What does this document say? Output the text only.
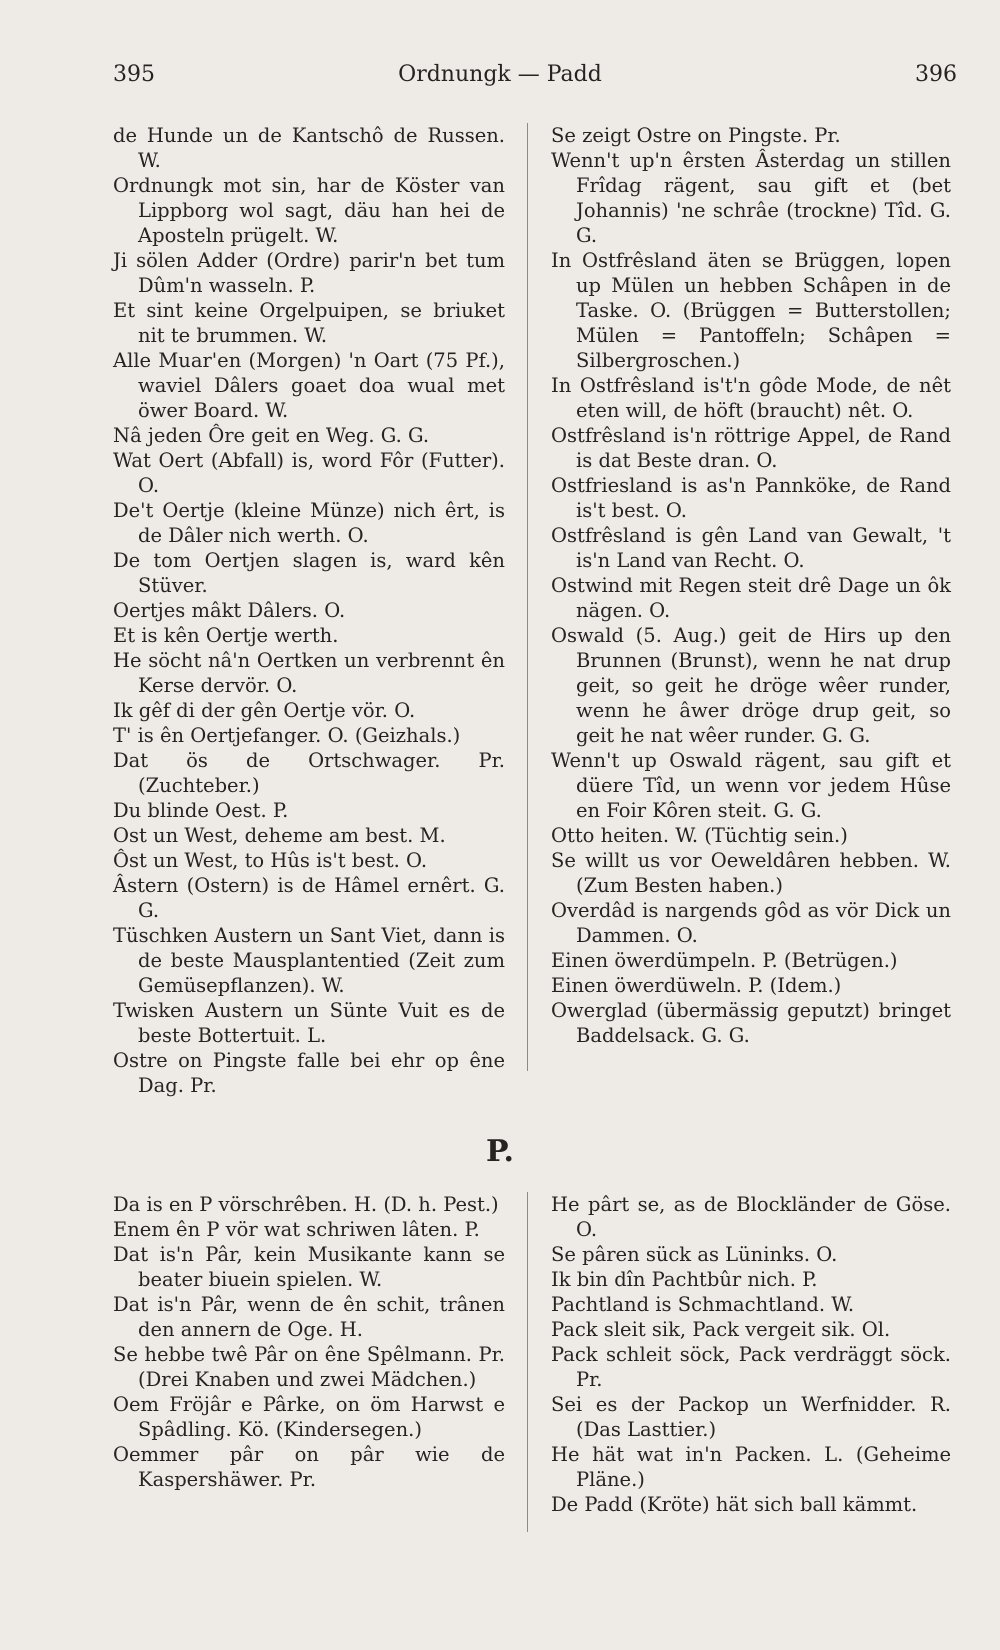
395	Ordnungk — Padd	396
de Hunde un de Kantschô de Russen. W.
Ordnungk mot sin, har de Köster van Lippborg wol sagt, däu han hei de Aposteln prügelt. W.
Ji sölen Adder (Ordre) parir'n bet tum Dûm'n wasseln. P.
Et sint keine Orgelpuipen, se briuket nit te brummen. W.
Alle Muar'en (Morgen) 'n Oart (75 Pf.), waviel Dâlers goaet doa wual met öwer Board. W.
Nâ jeden Ôre geit en Weg. G. G.
Wat Oert (Abfall) is, word Fôr (Futter). O.
De't Oertje (kleine Münze) nich êrt, is de Dâler nich werth. O.
De tom Oertjen slagen is, ward kên Stüver.
Oertjes mâkt Dâlers. O.
Et is kên Oertje werth.
He söcht nâ'n Oertken un verbrennt ên Kerse dervör. O.
Ik gêf di der gên Oertje vör. O.
T' is ên Oertjefanger. O. (Geizhals.)
Dat ös de Ortschwager. Pr. (Zuchteber.)
Du blinde Oest. P.
Ost un West, deheme am best. M.
Ôst un West, to Hûs is't best. O.
Âstern (Ostern) is de Hâmel ernêrt. G. G.
Tüschken Austern un Sant Viet, dann is de beste Mausplantentied (Zeit zum Gemüsepflanzen). W.
Twisken Austern un Sünte Vuit es de beste Bottertuit. L.
Ostre on Pingste falle bei ehr op êne Dag. Pr.
Se zeigt Ostre on Pingste. Pr.
Wenn't up'n êrsten Âsterdag un stillen Frîdag rägent, sau gift et (bet Johannis) 'ne schrâe (trockne) Tîd. G. G.
In Ostfrêsland äten se Brüggen, lopen up Mülen un hebben Schâpen in de Taske. O. (Brüggen = Butterstollen; Mülen = Pantoffeln; Schâpen = Silbergroschen.)
In Ostfrêsland is't'n gôde Mode, de nêt eten will, de höft (braucht) nêt. O.
Ostfrêsland is'n röttrige Appel, de Rand is dat Beste dran. O.
Ostfriesland is as'n Pannköke, de Rand is't best. O.
Ostfrêsland is gên Land van Gewalt, 't is'n Land van Recht. O.
Ostwind mit Regen steit drê Dage un ôk nägen. O.
Oswald (5. Aug.) geit de Hirs up den Brunnen (Brunst), wenn he nat drup geit, so geit he dröge wêer runder, wenn he âwer dröge drup geit, so geit he nat wêer runder. G. G.
Wenn't up Oswald rägent, sau gift et düere Tîd, un wenn vor jedem Hûse en Foir Kôren steit. G. G.
Otto heiten. W. (Tüchtig sein.)
Se willt us vor Oeweldâren hebben. W. (Zum Besten haben.)
Overdâd is nargends gôd as vör Dick un Dammen. O.
Einen öwerdümpeln. P. (Betrügen.)
Einen öwerdüweln. P. (Idem.)
Owerglad (übermässig geputzt) bringet Baddelsack. G. G.
P.
Da is en P vörschrêben. H. (D. h. Pest.)
Enem ên P vör wat schriwen lâten. P.
Dat is'n Pâr, kein Musikante kann se beater biuein spielen. W.
Dat is'n Pâr, wenn de ên schit, trânen den annern de Oge. H.
Se hebbe twê Pâr on êne Spêlmann. Pr. (Drei Knaben und zwei Mädchen.)
Oem Fröjâr e Pârke, on öm Harwst e Spâdling. Kö. (Kindersegen.)
Oemmer pâr on pâr wie de Kaspershäwer. Pr.
He pârt se, as de Blockländer de Göse. O.
Se pâren sück as Lüninks. O.
Ik bin dîn Pachtbûr nich. P.
Pachtland is Schmachtland. W.
Pack sleit sik, Pack vergeit sik. Ol.
Pack schleit söck, Pack verdräggt söck. Pr.
Sei es der Packop un Werfnidder. R. (Das Lasttier.)
He hät wat in'n Packen. L. (Geheime Pläne.)
De Padd (Kröte) hät sich ball kämmt.
